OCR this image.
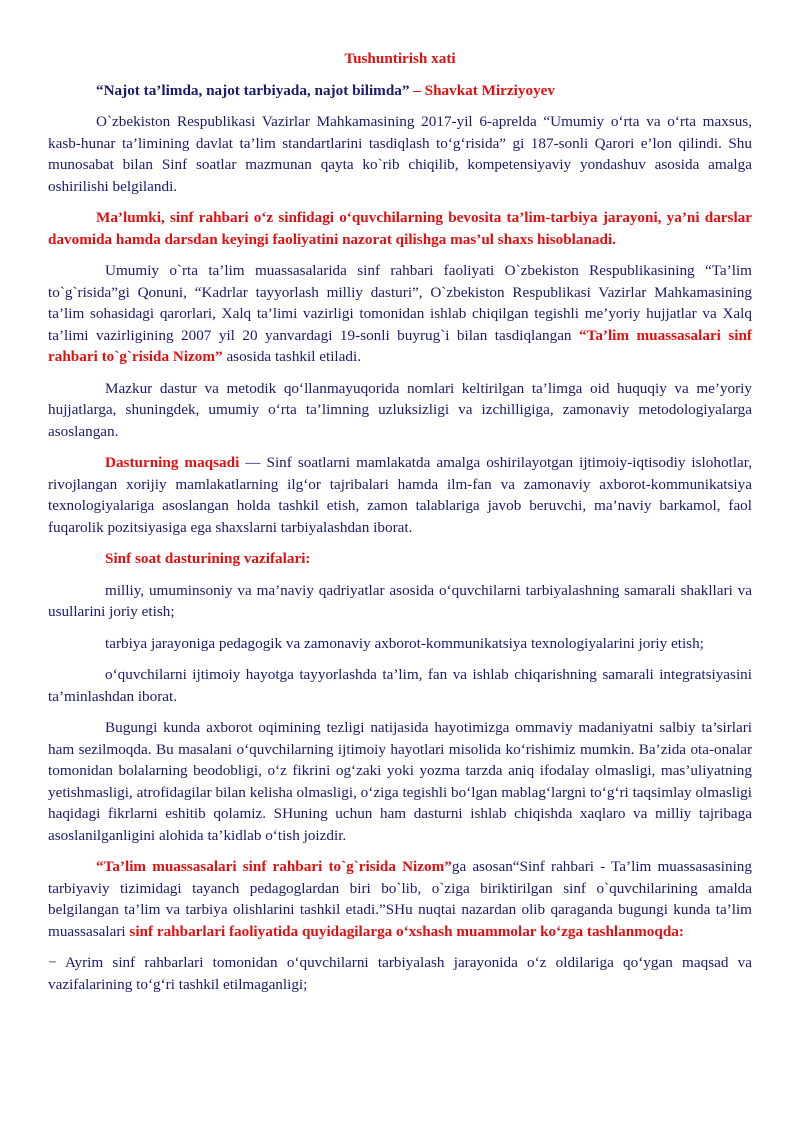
Tushuntirish xati
“Najot ta’limda, najot tarbiyada, najot bilimda” – Shavkat Mirziyoyev

O`zbekiston Respublikasi Vazirlar Mahkamasining 2017-yil 6-aprelda “Umumiy o‘rta va o‘rta maxsus, kasb-hunar ta’limining davlat ta’lim standartlarini tasdiqlash to‘g‘risida” gi 187-sonli Qarori e’lon qilindi. Shu munosabat bilan Sinf soatlar mazmunan qayta ko`rib chiqilib, kompetensiyaviy yondashuv asosida amalga oshirilishi belgilandi.

Ma’lumki, sinf rahbari o‘z sinfidagi o‘quvchilarning bevosita ta’lim-tarbiya jarayoni, ya’ni darslar davomida hamda darsdan keyingi faoliyatini nazorat qilishga mas’ul shaxs hisoblanadi.

Umumiy o`rta ta’lim muassasalarida sinf rahbari faoliyati O`zbekiston Respublikasining “Ta’lim to`g`risida”gi Qonuni, “Kadrlar tayyorlash milliy dasturi”, O`zbekiston Respublikasi Vazirlar Mahkamasining ta’lim sohasidagi qarorlari, Xalq ta’limi vazirligi tomonidan ishlab chiqilgan tegishli me’yoriy hujjatlar va Xalq ta’limi vazirligining 2007 yil 20 yanvardagi 19-sonli buyrug`i bilan tasdiqlangan “Ta’lim muassasalari sinf rahbari to`g`risida Nizom” asosida tashkil etiladi.

Mazkur dastur va metodik qo‘llanmayuqorida nomlari keltirilgan ta’limga oid huquqiy va me’yoriy hujjatlarga, shuningdek, umumiy o‘rta ta’limning uzluksizligi va izchilligiga, zamonaviy metodologiyalarga asoslangan.

Dasturning maqsadi — Sinf soatlarni mamlakatda amalga oshirilayotgan ijtimoiy-iqtisodiy islohotlar, rivojlangan xorijiy mamlakatlarning ilg‘or tajribalari hamda ilm-fan va zamonaviy axborot-kommunikatsiya texnologiyalariga asoslangan holda tashkil etish, zamon talablariga javob beruvchi, ma’naviy barkamol, faol fuqarolik pozitsiyasiga ega shaxslarni tarbiyalashdan iborat.

Sinf soat dasturining vazifalari:

milliy, umuminsoniy va ma’naviy qadriyatlar asosida o‘quvchilarni tarbiyalashning samarali shakllari va usullarini joriy etish;

tarbiya jarayoniga pedagogik va zamonaviy axborot-kommunikatsiya texnologiyalarini joriy etish;

o‘quvchilarni ijtimoiy hayotga tayyorlashda ta’lim, fan va ishlab chiqarishning samarali integratsiyasini ta’minlashdan iborat.

Bugungi kunda axborot oqimining tezligi natijasida hayotimizga ommaviy madaniyatni salbiy ta’sirlari ham sezilmoqda. Bu masalani o‘quvchilarning ijtimoiy hayotlari misolida ko‘rishimiz mumkin. Ba’zida ota-onalar tomonidan bolalarning beodobligi, o‘z fikrini og‘zaki yoki yozma tarzda aniq ifodalay olmasligi, mas’uliyatning yetishmasligi, atrofidagilar bilan kelisha olmasligi, o‘ziga tegishli bo‘lgan mablag‘largni to‘g‘ri taqsimlay olmasligi haqidagi fikrlarni eshitib qolamiz. SHuning uchun ham dasturni ishlab chiqishda xaqlaro va milliy tajribaga asoslanilganligini alohida ta’kidlab o‘tish joizdir.

“Ta’lim muassasalari sinf rahbari to`g`risida Nizom”ga asosan“Sinf rahbari - Ta’lim muassasasining tarbiyaviy tizimidagi tayanch pedagoglardan biri bo`lib, o`ziga biriktirilgan sinf o`quvchilarining amalda belgilangan ta’lim va tarbiya olishlarini tashkil etadi.”SHu nuqtai nazardan olib qaraganda bugungi kunda ta’lim muassasalari sinf rahbarlari faoliyatida quyidagilarga o‘xshash muammolar ko‘zga tashlanmoqda:

− Ayrim sinf rahbarlari tomonidan o‘quvchilarni tarbiyalash jarayonida o‘z oldilariga qo‘ygan maqsad va vazifalarining to‘g‘ri tashkil etilmaganligi;
